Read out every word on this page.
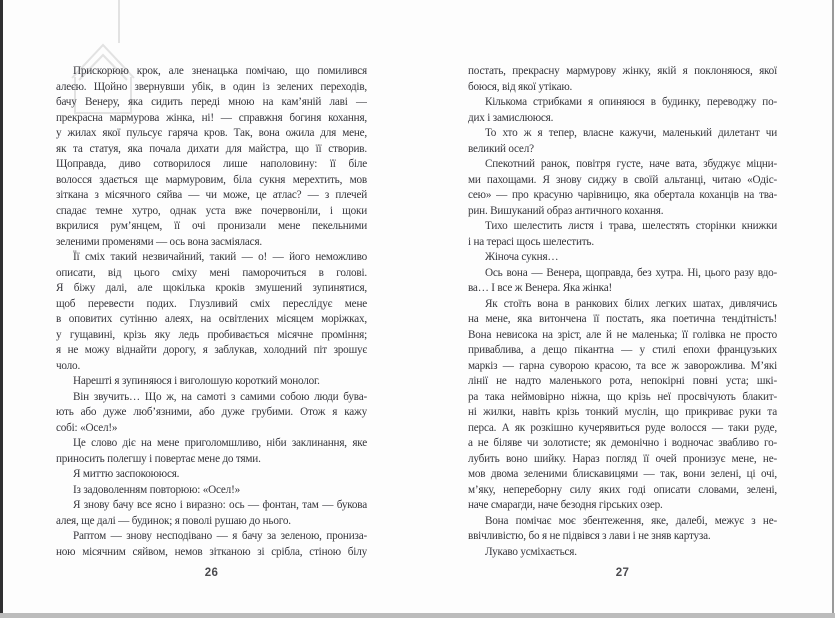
Прискорюю крок, але зненацька помічаю, що помилився
алеєю. Щойно звернувши убік, в один із зелених переходів,
бачу Венеру, яка сидить переді мною на кам’яній лаві —
прекрасна мармурова жінка, ні! — справжня богиня кохання,
у жилах якої пульсує гаряча кров. Так, вона ожила для мене,
як та статуя, яка почала дихати для майстра, що її створив.
Щоправда, диво сотворилося лише наполовину: її біле
волосся здається ще мармуровим, біла сукня мерехтить, мов
зіткана з місячного сяйва — чи може, це атлас? — з плечей
спадає темне хутро, однак уста вже почервоніли, і щоки
вкрилися рум’янцем, її очі пронизали мене пекельними
зеленими променями — ось вона засміялася.
Її сміх такий незвичайний, такий — о! — його неможливо
описати, від цього сміху мені паморочиться в голові.
Я біжу далі, але щокілька кроків змушений зупинятися,
щоб перевести подих. Глузливий сміх переслідує мене
в оповитих сутінню алеях, на освітлених місяцем моріжках,
у гущавині, крізь яку ледь пробивається місячне проміння;
я не можу віднайти дорогу, я заблукав, холодний піт зрошує
чоло.
Нарешті я зупиняюся і виголошую короткий монолог.
Він звучить… Що ж, на самоті з самими собою люди бува-
ють або дуже люб’язними, або дуже грубими. Отож я кажу
собі: «Осел!»
Це слово діє на мене приголомшливо, ніби заклинання, яке
приносить полегшу і повертає мене до тями.
Я миттю заспокоююся.
Із задоволенням повторюю: «Осел!»
Я знову бачу все ясно і виразно: ось — фонтан, там — букова
алея, ще далі — будинок; я поволі рушаю до нього.
Раптом — знову несподівано — я бачу за зеленою, прониза-
ною місячним сяйвом, немов зітканою зі срібла, стіною білу
постать, прекрасну мармурову жінку, якій я поклоняюся, якої
боюся, від якої утікаю.
Кількома стрибками я опиняюся в будинку, переводжу по-
дих і замислююся.
То хто ж я тепер, власне кажучи, маленький дилетант чи
великий осел?
Спекотний ранок, повітря густе, наче вата, збуджує міцни-
ми пахощами. Я знову сиджу в своїй альтанці, читаю «Одіс-
сею» — про красуню чарівницю, яка обертала коханців на тва-
рин. Вишуканий образ античного кохання.
Тихо шелестить листя і трава, шелестять сторінки книжки
і на терасі щось шелестить.
Жіноча сукня…
Ось вона — Венера, щоправда, без хутра. Ні, цього разу вдо-
ва… І все ж Венера. Яка жінка!
Як стоїть вона в ранкових білих легких шатах, дивлячись
на мене, яка витончена її постать, яка поетична тендітність!
Вона невисока на зріст, але й не маленька; її голівка не просто
приваблива, а дещо пікантна — у стилі епохи французьких
маркіз — гарна суворою красою, та все ж заворожлива. М’які
лінії не надто маленького рота, непокірні повні уста; шкі-
ра така неймовірно ніжна, що крізь неї просвічують блакит-
ні жилки, навіть крізь тонкий муслін, що прикриває руки та
перса. А як розкішно кучерявиться руде волосся — таки руде,
а не біляве чи золотисте; як демонічно і водночас звабливо го-
лубить воно шийку. Нараз погляд її очей пронизує мене, не-
мов двома зеленими блискавицями — так, вони зелені, ці очі,
м’яку, непереборну силу яких годі описати словами, зелені,
наче смарагди, наче безодня гірських озер.
Вона помічає моє збентеження, яке, далебі, межує з не-
ввічливістю, бо я не підвівся з лави і не зняв картуза.
Лукаво усміхається.
26	27
